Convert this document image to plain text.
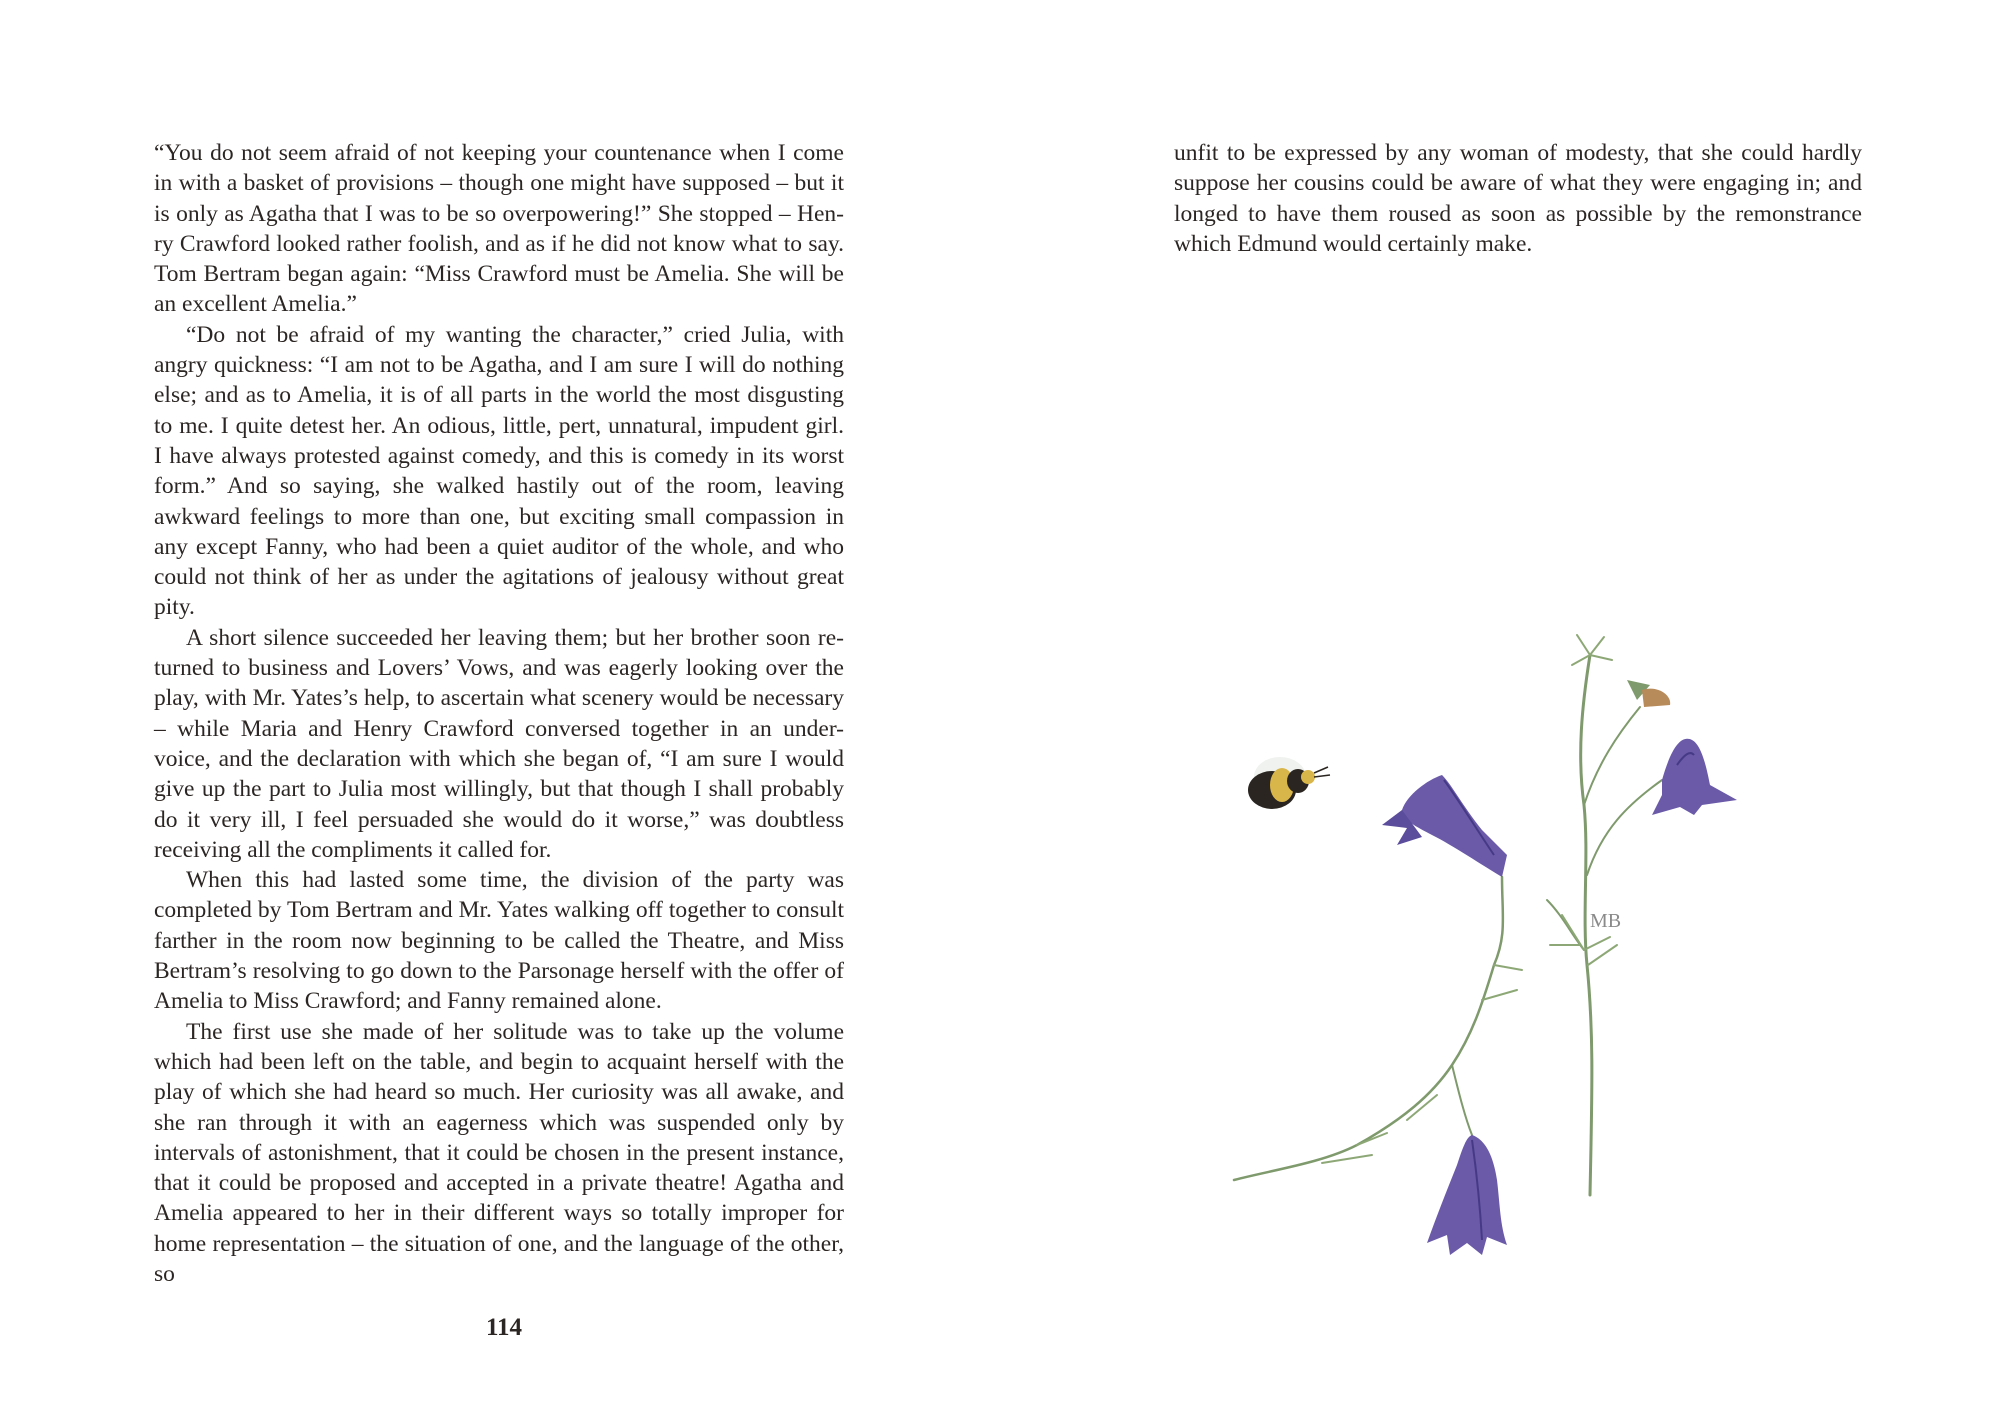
“You do not seem afraid of not keeping your countenance when I come in with a basket of provisions – though one might have supposed – but it is only as Agatha that I was to be so overpowering!” She stopped – Henry Crawford looked rather foolish, and as if he did not know what to say. Tom Bertram began again: “Miss Crawford must be Amelia. She will be an excellent Amelia.”

“Do not be afraid of my wanting the character,” cried Julia, with angry quickness: “I am not to be Agatha, and I am sure I will do nothing else; and as to Amelia, it is of all parts in the world the most disgusting to me. I quite detest her. An odious, little, pert, unnatural, impudent girl. I have always protested against comedy, and this is comedy in its worst form.” And so saying, she walked hastily out of the room, leaving awkward feelings to more than one, but exciting small compassion in any except Fanny, who had been a quiet auditor of the whole, and who could not think of her as under the agitations of jealousy without great pity.

A short silence succeeded her leaving them; but her brother soon returned to business and Lovers’ Vows, and was eagerly looking over the play, with Mr. Yates’s help, to ascertain what scenery would be necessary – while Maria and Henry Crawford conversed together in an under-voice, and the declaration with which she began of, “I am sure I would give up the part to Julia most willingly, but that though I shall probably do it very ill, I feel persuaded she would do it worse,” was doubtless receiving all the compliments it called for.

When this had lasted some time, the division of the party was completed by Tom Bertram and Mr. Yates walking off together to consult farther in the room now beginning to be called the Theatre, and Miss Bertram’s resolving to go down to the Parsonage herself with the offer of Amelia to Miss Crawford; and Fanny remained alone.

The first use she made of her solitude was to take up the volume which had been left on the table, and begin to acquaint herself with the play of which she had heard so much. Her curiosity was all awake, and she ran through it with an eagerness which was suspended only by intervals of astonishment, that it could be chosen in the present instance, that it could be proposed and accepted in a private theatre! Agatha and Amelia appeared to her in their different ways so totally improper for home representation – the situation of one, and the language of the other, so

114

unfit to be expressed by any woman of modesty, that she could hardly suppose her cousins could be aware of what they were engaging in; and longed to have them roused as soon as possible by the remonstrance which Edmund would certainly make.

MB
